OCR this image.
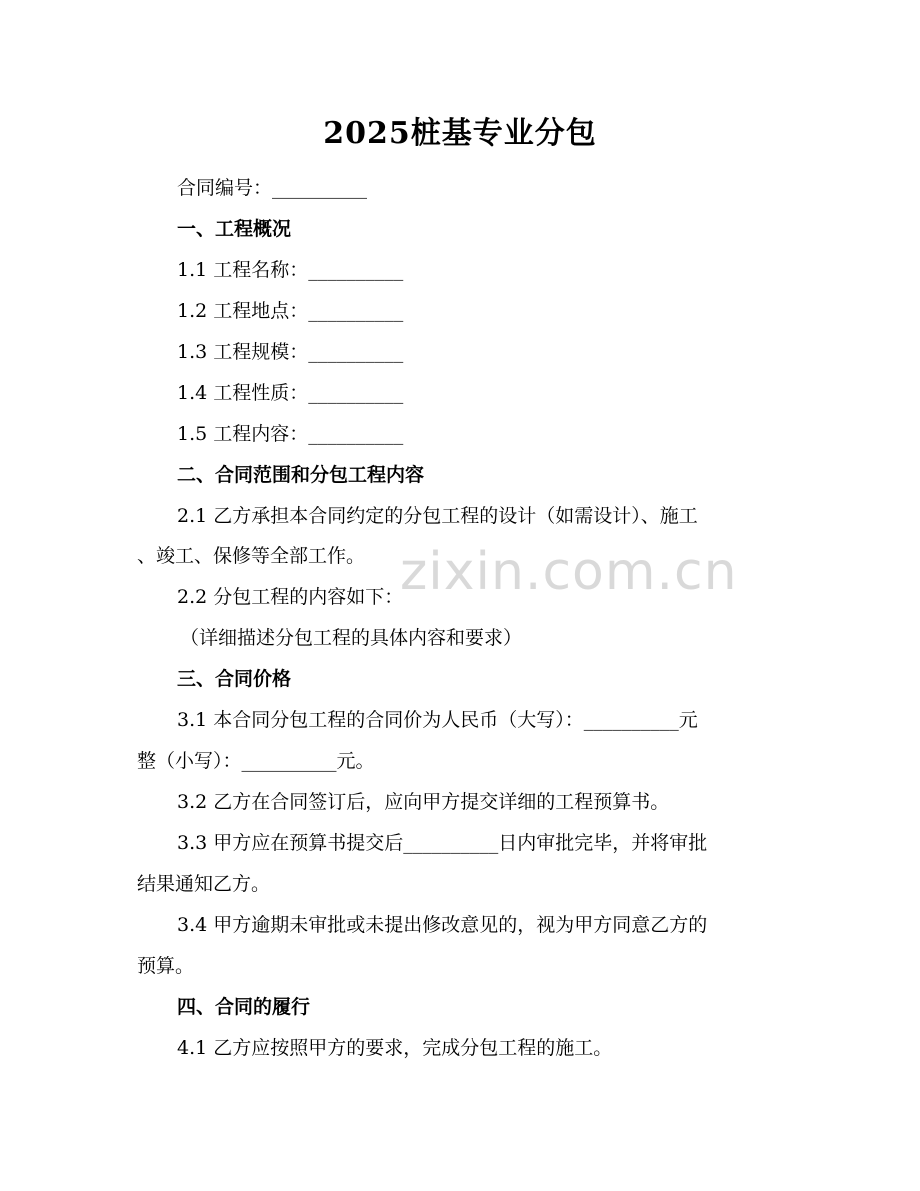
2025桩基专业分包
合同编号：__________
一、工程概况
1.1 工程名称：__________
1.2 工程地点：__________
1.3 工程规模：__________
1.4 工程性质：__________
1.5 工程内容：__________
二、合同范围和分包工程内容
2.1 乙方承担本合同约定的分包工程的设计（如需设计）、施工
、竣工、保修等全部工作。
2.2 分包工程的内容如下：
（详细描述分包工程的具体内容和要求）
三、合同价格
3.1 本合同分包工程的合同价为人民币（大写）：__________元
整（小写）：__________元。
3.2 乙方在合同签订后，应向甲方提交详细的工程预算书。
3.3 甲方应在预算书提交后__________日内审批完毕，并将审批
结果通知乙方。
3.4 甲方逾期未审批或未提出修改意见的，视为甲方同意乙方的
预算。
四、合同的履行
4.1 乙方应按照甲方的要求，完成分包工程的施工。
zixin.com.cn
